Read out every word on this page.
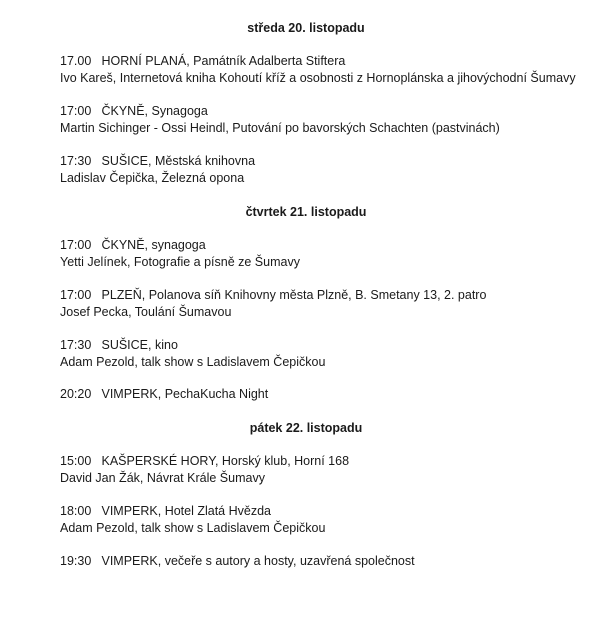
středa 20. listopadu
17.00 HORNÍ PLANÁ, Památník Adalberta Stiftera
Ivo Kareš, Internetová kniha Kohoutí kříž a osobnosti z Hornoplánska a jihovýchodní Šumavy
17:00 ČKYNĚ, Synagoga
Martin Sichinger - Ossi Heindl, Putování po bavorských Schachten (pastvinách)
17:30 SUŠICE, Městská knihovna
Ladislav Čepička, Železná opona
čtvrtek 21. listopadu
17:00 ČKYNĚ, synagoga
Yetti Jelínek, Fotografie a písně ze Šumavy
17:00 PLZEŇ, Polanova síň Knihovny města Plzně, B. Smetany 13, 2. patro
Josef Pecka, Toulání Šumavou
17:30 SUŠICE, kino
Adam Pezold, talk show s Ladislavem Čepičkou
20:20 VIMPERK, PechaKucha Night
pátek 22. listopadu
15:00 KAŠPERSKÉ HORY, Horský klub, Horní 168
David Jan Žák, Návrat Krále Šumavy
18:00 VIMPERK, Hotel Zlatá Hvězda
Adam Pezold, talk show s Ladislavem Čepičkou
19:30 VIMPERK, večeře s autory a hosty, uzavřená společnost
